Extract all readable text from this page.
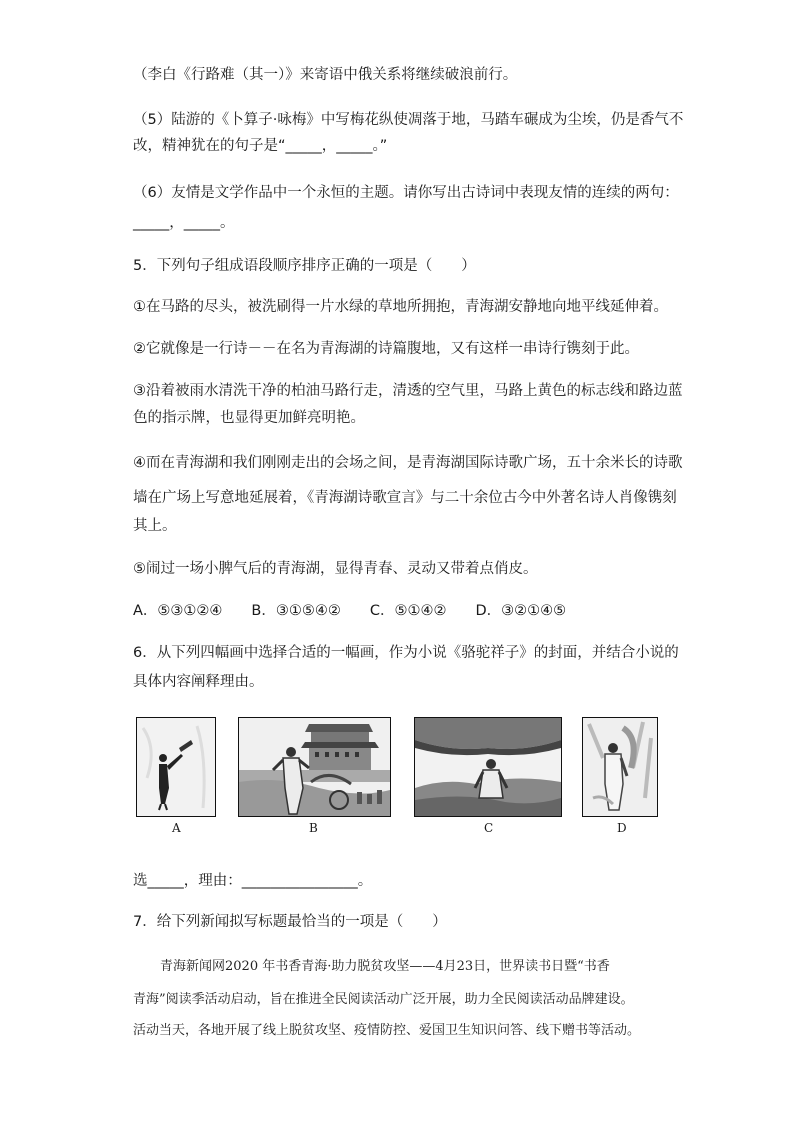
（李白《行路难（其一）》来寄语中俄关系将继续破浪前行。
（5）陆游的《卜算子·咏梅》中写梅花纵使凋落于地，马踏车碾成为尘埃，仍是香气不
改，精神犹在的句子是“_____，_____。”
（6）友情是文学作品中一个永恒的主题。请你写出古诗词中表现友情的连续的两句：
_____，_____。
5．下列句子组成语段顺序排序正确的一项是（　　）
①在马路的尽头，被洗刷得一片水绿的草地所拥抱，青海湖安静地向地平线延伸着。
②它就像是一行诗－－在名为青海湖的诗篇腹地，又有这样一串诗行镌刻于此。
③沿着被雨水清洗干净的柏油马路行走，清透的空气里，马路上黄色的标志线和路边蓝
色的指示牌，也显得更加鲜亮明艳。
④而在青海湖和我们刚刚走出的会场之间，是青海湖国际诗歌广场，五十余米长的诗歌
墙在广场上写意地延展着，《青海湖诗歌宣言》与二十余位古今中外著名诗人肖像镌刻
其上。
⑤闹过一场小脾气后的青海湖，显得青春、灵动又带着点俏皮。
A．⑤③①②④　　B．③①⑤④②　　C．⑤①④②　　D．③②①④⑤
6．从下列四幅画中选择合适的一幅画，作为小说《骆驼祥子》的封面，并结合小说的
具体内容阐释理由。
A	B	C	D
选_____，理由：________________。
7．给下列新闻拟写标题最恰当的一项是（　　）
青海新闻网2020 年书香青海·助力脱贫攻坚——4月23日，世界读书日暨“书香
青海”阅读季活动启动，旨在推进全民阅读活动广泛开展，助力全民阅读活动品牌建设。
活动当天，各地开展了线上脱贫攻坚、疫情防控、爱国卫生知识问答、线下赠书等活动。
